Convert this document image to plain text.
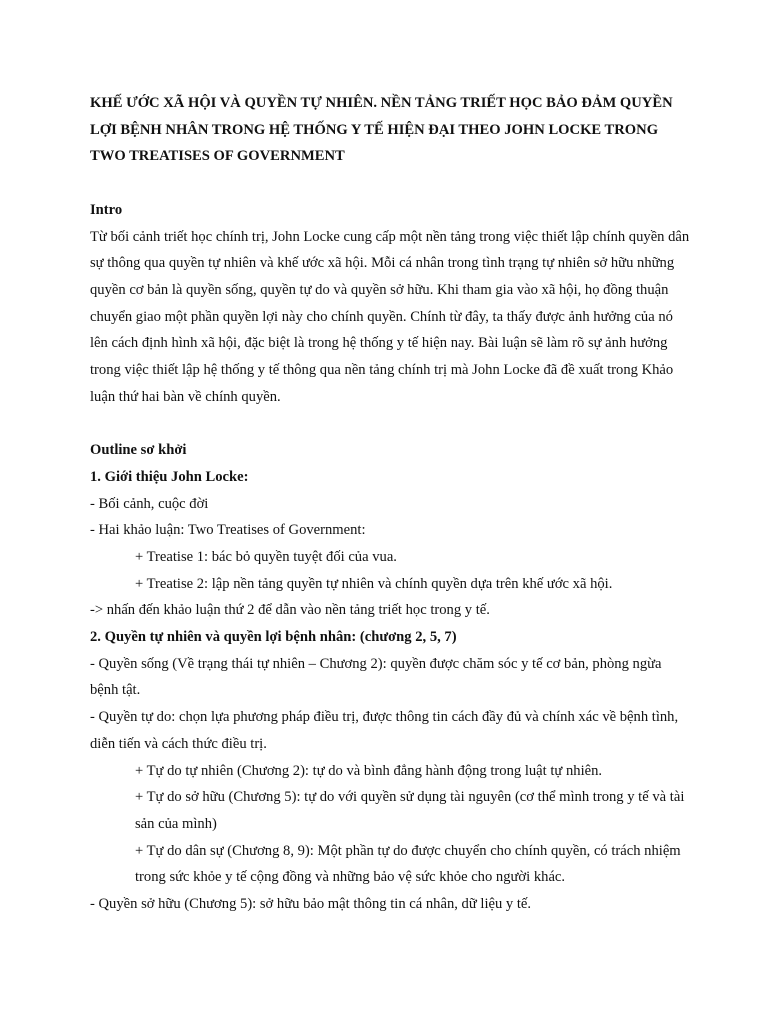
KHẾ ƯỚC XÃ HỘI VÀ QUYỀN TỰ NHIÊN. NỀN TẢNG TRIẾT HỌC BẢO ĐẢM QUYỀN LỢI BỆNH NHÂN TRONG HỆ THỐNG Y TẾ HIỆN ĐẠI THEO JOHN LOCKE TRONG TWO TREATISES OF GOVERNMENT

Intro

Từ bối cảnh triết học chính trị, John Locke cung cấp một nền tảng trong việc thiết lập chính quyền dân sự thông qua quyền tự nhiên và khế ước xã hội. Mỗi cá nhân trong tình trạng tự nhiên sở hữu những quyền cơ bản là quyền sống, quyền tự do và quyền sở hữu. Khi tham gia vào xã hội, họ đồng thuận chuyển giao một phần quyền lợi này cho chính quyền. Chính từ đây, ta thấy được ảnh hưởng của nó lên cách định hình xã hội, đặc biệt là trong hệ thống y tế hiện nay. Bài luận sẽ làm rõ sự ảnh hưởng trong việc thiết lập hệ thống y tế thông qua nền tảng chính trị mà John Locke đã đề xuất trong Khảo luận thứ hai bàn về chính quyền.

Outline sơ khởi

1. Giới thiệu John Locke:

- Bối cảnh, cuộc đời

- Hai khảo luận: Two Treatises of Government:

+ Treatise 1: bác bỏ quyền tuyệt đối của vua.

+ Treatise 2: lập nền tảng quyền tự nhiên và chính quyền dựa trên khế ước xã hội.

-> nhấn đến khảo luận thứ 2 để dẫn vào nền tảng triết học trong y tế.

2. Quyền tự nhiên và quyền lợi bệnh nhân: (chương 2, 5, 7)

- Quyền sống (Về trạng thái tự nhiên – Chương 2): quyền được chăm sóc y tế cơ bản, phòng ngừa bệnh tật.

- Quyền tự do: chọn lựa phương pháp điều trị, được thông tin cách đầy đủ và chính xác về bệnh tình, diễn tiến và cách thức điều trị.

+ Tự do tự nhiên (Chương 2): tự do và bình đẳng hành động trong luật tự nhiên.

+ Tự do sở hữu (Chương 5): tự do với quyền sử dụng tài nguyên (cơ thể mình trong y tế và tài sản của mình)

+ Tự do dân sự (Chương 8, 9): Một phần tự do được chuyển cho chính quyền, có trách nhiệm trong sức khỏe y tế cộng đồng và những bảo vệ sức khỏe cho người khác.

- Quyền sở hữu (Chương 5): sở hữu bảo mật thông tin cá nhân, dữ liệu y tế.
